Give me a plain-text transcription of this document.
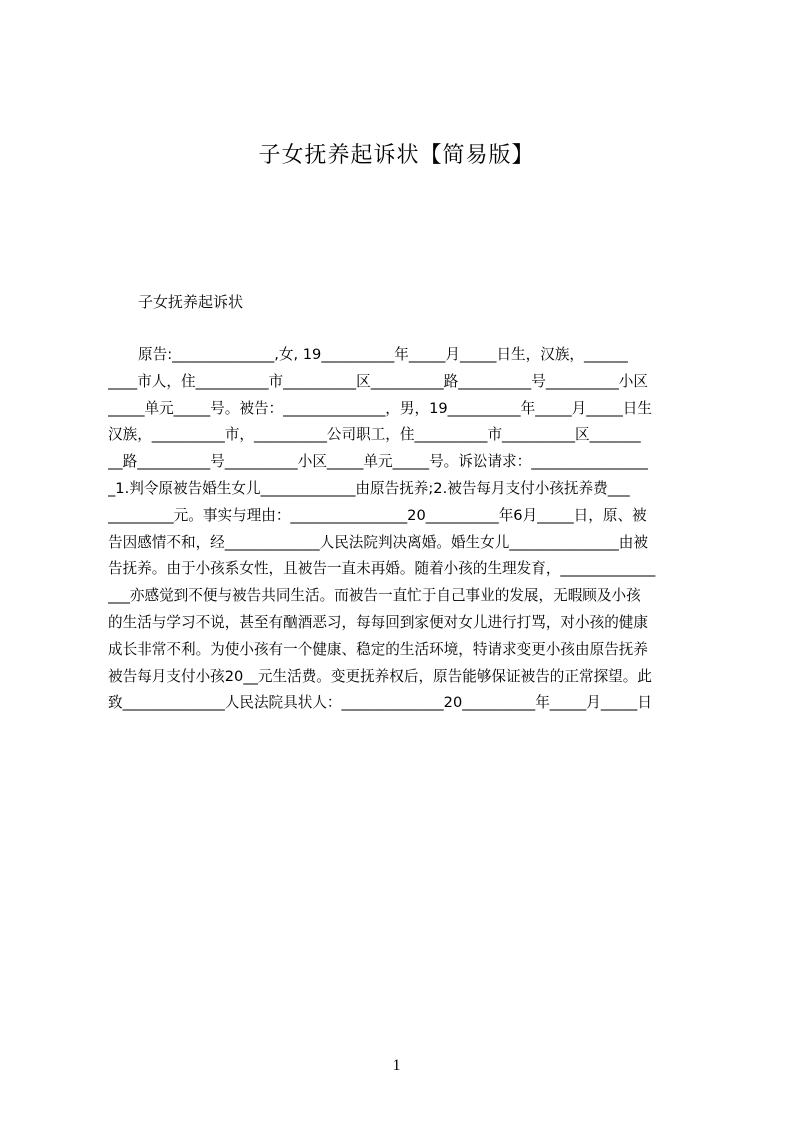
子女抚养起诉状【简易版】
子女抚养起诉状
原告:______________,女, 19__________年_____月_____日生，汉族，______
____市人，住__________市__________区__________路__________号__________小区
_____单元_____号。被告：______________，男，19__________年_____月_____日生
汉族，__________市，__________公司职工，住__________市__________区_______
__路__________号__________小区_____单元_____号。诉讼请求：________________
_1.判令原被告婚生女儿_____________由原告抚养;2.被告每月支付小孩抚养费___
_________元。事实与理由：________________20__________年6月_____日，原、被
告因感情不和，经_____________人民法院判决离婚。婚生女儿_______________由被
告抚养。由于小孩系女性，且被告一直未再婚。随着小孩的生理发育，_____________
___亦感觉到不便与被告共同生活。而被告一直忙于自己事业的发展，无暇顾及小孩
的生活与学习不说，甚至有酗酒恶习，每每回到家便对女儿进行打骂，对小孩的健康
成长非常不利。为使小孩有一个健康、稳定的生活环境，特请求变更小孩由原告抚养
被告每月支付小孩20__元生活费。变更抚养权后，原告能够保证被告的正常探望。此
致______________人民法院具状人：______________20__________年_____月_____日
1
